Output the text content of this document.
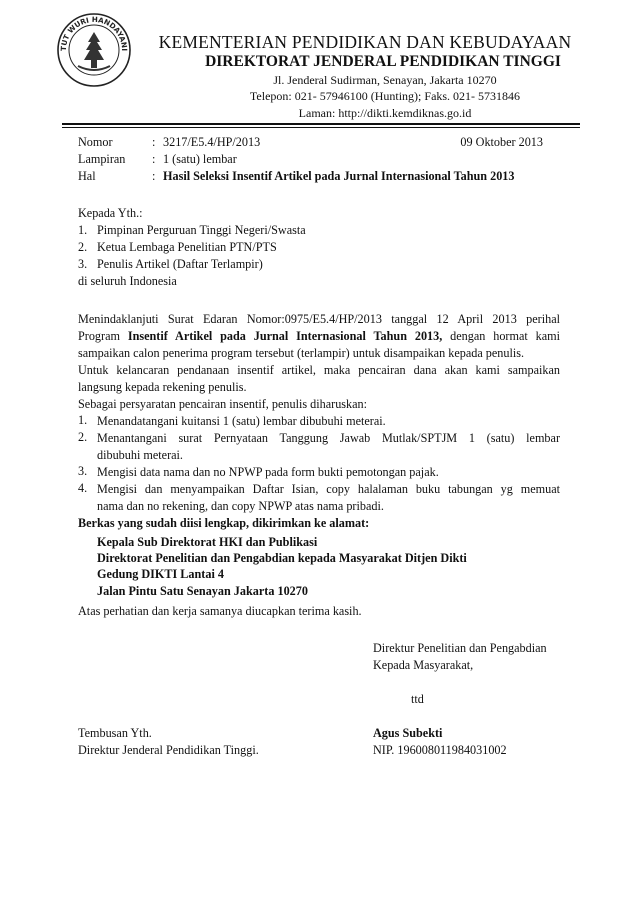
TUT WURI HANDAYANI	KEMENTERIAN PENDIDIKAN DAN KEBUDAYAAN
DIREKTORAT JENDERAL PENDIDIKAN TINGGI
Jl. Jenderal Sudirman, Senayan, Jakarta 10270
Telepon: 021- 57946100 (Hunting); Faks. 021- 5731846
Laman: http://dikti.kemdiknas.go.id
Nomor	: 3217/E5.4/HP/2013	09 Oktober 2013
Lampiran : 1 (satu) lembar
Hal	: Hasil Seleksi Insentif Artikel pada Jurnal Internasional Tahun 2013
Kepada Yth.:
1. Pimpinan Perguruan Tinggi Negeri/Swasta
2. Ketua Lembaga Penelitian PTN/PTS
3. Penulis Artikel (Daftar Terlampir)
di seluruh Indonesia
Menindaklanjuti Surat Edaran Nomor:0975/E5.4/HP/2013 tanggal 12 April 2013 perihal
Program Insentif Artikel pada Jurnal Internasional Tahun 2013, dengan hormat kami
sampaikan calon penerima program tersebut (terlampir) untuk disampaikan kepada penulis.
Untuk kelancaran pendanaan insentif artikel, maka pencairan dana akan kami sampaikan
langsung kepada rekening penulis.
Sebagai persyaratan pencairan insentif, penulis diharuskan:
1. Menandatangani kuitansi 1 (satu) lembar dibubuhi meterai.
2. Menantangani surat Pernyataan Tanggung Jawab Mutlak/SPTJM 1 (satu) lembar
dibubuhi meterai.
3. Mengisi data nama dan no NPWP pada form bukti pemotongan pajak.
4. Mengisi dan menyampaikan Daftar Isian, copy halalaman buku tabungan yg memuat
nama dan no rekening, dan copy NPWP atas nama pribadi.
Berkas yang sudah diisi lengkap, dikirimkan ke alamat:
Kepala Sub Direktorat HKI dan Publikasi
Direktorat Penelitian dan Pengabdian kepada Masyarakat Ditjen Dikti
Gedung DIKTI Lantai 4
Jalan Pintu Satu Senayan Jakarta 10270
Atas perhatian dan kerja samanya diucapkan terima kasih.
Direktur Penelitian dan Pengabdian
Kepada Masyarakat,
ttd
Agus Subekti
NIP. 196008011984031002
Tembusan Yth.
Direktur Jenderal Pendidikan Tinggi.
